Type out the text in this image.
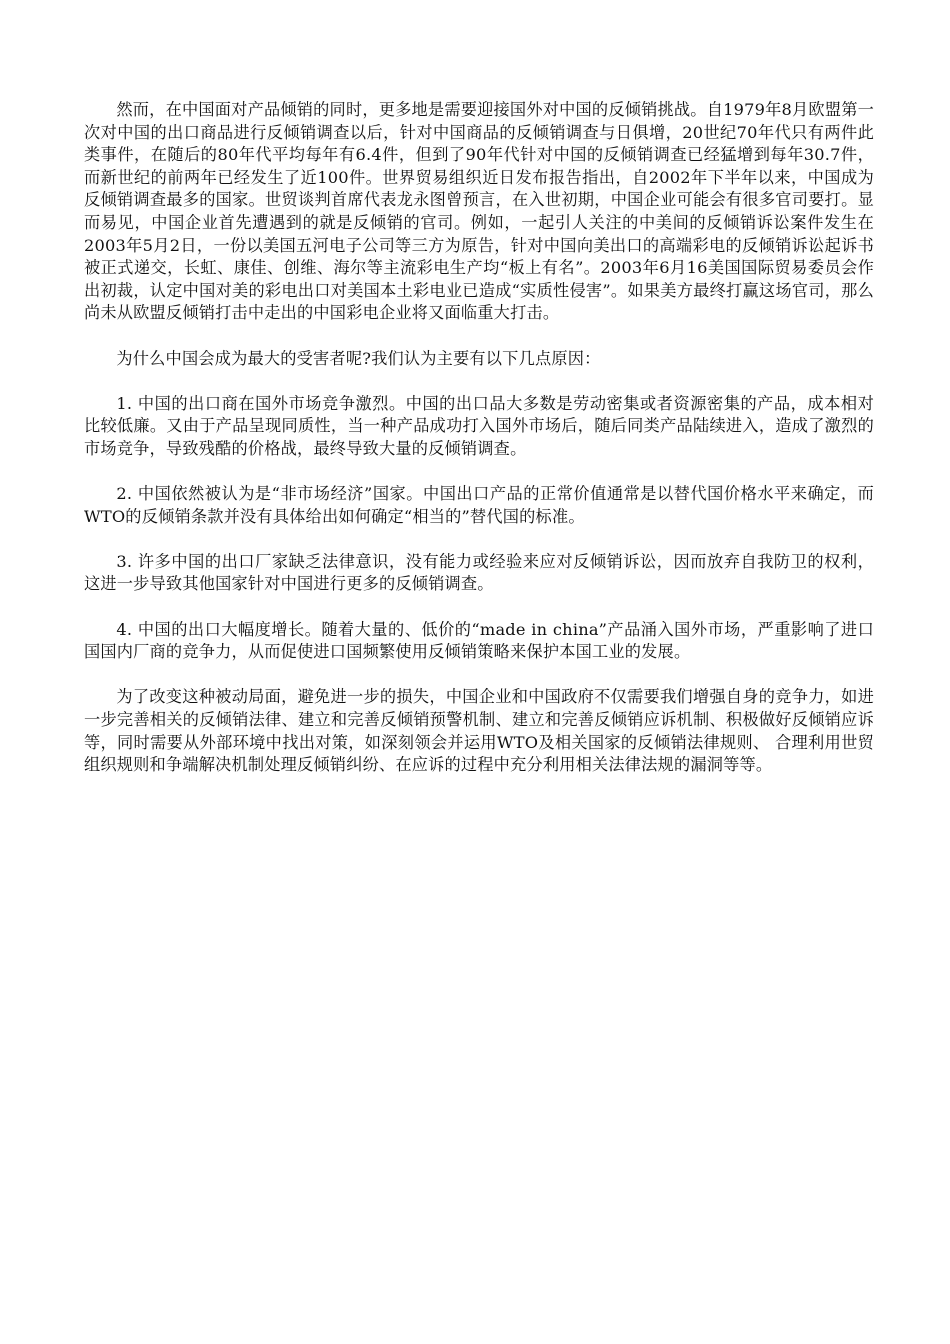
然而，在中国面对产品倾销的同时，更多地是需要迎接国外对中国的反倾销挑战。自1979年8月欧盟第一次对中国的出口商品进行反倾销调查以后，针对中国商品的反倾销调查与日俱增，20世纪70年代只有两件此类事件，在随后的80年代平均每年有6.4件，但到了90年代针对中国的反倾销调查已经猛增到每年30.7件，而新世纪的前两年已经发生了近100件。世界贸易组织近日发布报告指出，自2002年下半年以来，中国成为反倾销调查最多的国家。世贸谈判首席代表龙永图曾预言，在入世初期，中国企业可能会有很多官司要打。显而易见，中国企业首先遭遇到的就是反倾销的官司。例如，一起引人关注的中美间的反倾销诉讼案件发生在2003年5月2日，一份以美国五河电子公司等三方为原告，针对中国向美出口的高端彩电的反倾销诉讼起诉书被正式递交，长虹、康佳、创维、海尔等主流彩电生产均“板上有名”。2003年6月16美国国际贸易委员会作出初裁，认定中国对美的彩电出口对美国本土彩电业已造成“实质性侵害”。如果美方最终打赢这场官司，那么尚未从欧盟反倾销打击中走出的中国彩电企业将又面临重大打击。

为什么中国会成为最大的受害者呢?我们认为主要有以下几点原因：

1. 中国的出口商在国外市场竞争激烈。中国的出口品大多数是劳动密集或者资源密集的产品，成本相对比较低廉。又由于产品呈现同质性，当一种产品成功打入国外市场后，随后同类产品陆续进入，造成了激烈的市场竞争，导致残酷的价格战，最终导致大量的反倾销调查。

2. 中国依然被认为是“非市场经济”国家。中国出口产品的正常价值通常是以替代国价格水平来确定，而WTO的反倾销条款并没有具体给出如何确定“相当的”替代国的标准。

3. 许多中国的出口厂家缺乏法律意识，没有能力或经验来应对反倾销诉讼，因而放弃自我防卫的权利，这进一步导致其他国家针对中国进行更多的反倾销调查。

4. 中国的出口大幅度增长。随着大量的、低价的“made in china”产品涌入国外市场，严重影响了进口国国内厂商的竞争力，从而促使进口国频繁使用反倾销策略来保护本国工业的发展。

为了改变这种被动局面，避免进一步的损失，中国企业和中国政府不仅需要我们增强自身的竞争力，如进一步完善相关的反倾销法律、建立和完善反倾销预警机制、建立和完善反倾销应诉机制、积极做好反倾销应诉等，同时需要从外部环境中找出对策，如深刻领会并运用WTO及相关国家的反倾销法律规则、 合理利用世贸组织规则和争端解决机制处理反倾销纠纷、在应诉的过程中充分利用相关法律法规的漏洞等等。
